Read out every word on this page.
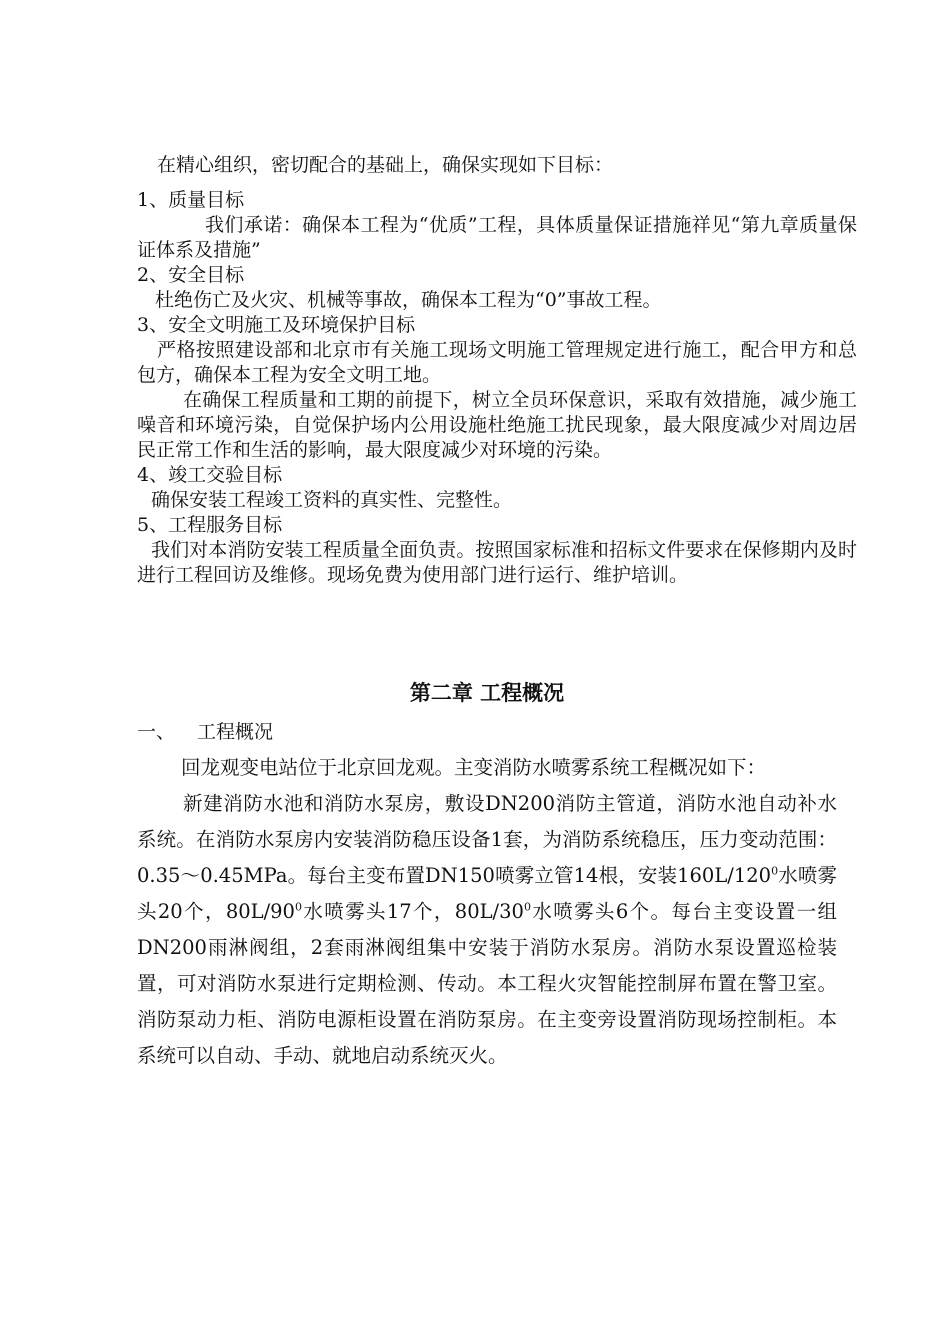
在精心组织，密切配合的基础上，确保实现如下目标：

1、质量目标

我们承诺：确保本工程为“优质”工程，具体质量保证措施祥见“第九章质量保证体系及措施”

2、安全目标

杜绝伤亡及火灾、机械等事故，确保本工程为“0”事故工程。

3、安全文明施工及环境保护目标

严格按照建设部和北京市有关施工现场文明施工管理规定进行施工，配合甲方和总包方，确保本工程为安全文明工地。

在确保工程质量和工期的前提下，树立全员环保意识，采取有效措施，减少施工噪音和环境污染，自觉保护场内公用设施杜绝施工扰民现象，最大限度减少对周边居民正常工作和生活的影响，最大限度减少对环境的污染。

4、竣工交验目标

确保安装工程竣工资料的真实性、完整性。

5、工程服务目标

我们对本消防安装工程质量全面负责。按照国家标准和招标文件要求在保修期内及时进行工程回访及维修。现场免费为使用部门进行运行、维护培训。

第二章 工程概况
一、 工程概况

回龙观变电站位于北京回龙观。主变消防水喷雾系统工程概况如下：

新建消防水池和消防水泵房，敷设DN200消防主管道，消防水池自动补水系统。在消防水泵房内安装消防稳压设备1套，为消防系统稳压，压力变动范围：0.35～0.45MPa。每台主变布置DN150喷雾立管14根，安装$160L/120^0$水喷雾头20个，$80L/90^0$水喷雾头17个，$80L/30^0$水喷雾头6个。每台主变设置一组DN200雨淋阀组，2套雨淋阀组集中安装于消防水泵房。消防水泵设置巡检装置，可对消防水泵进行定期检测、传动。本工程火灾智能控制屏布置在警卫室。消防泵动力柜、消防电源柜设置在消防泵房。在主变旁设置消防现场控制柜。本系统可以自动、手动、就地启动系统灭火。
